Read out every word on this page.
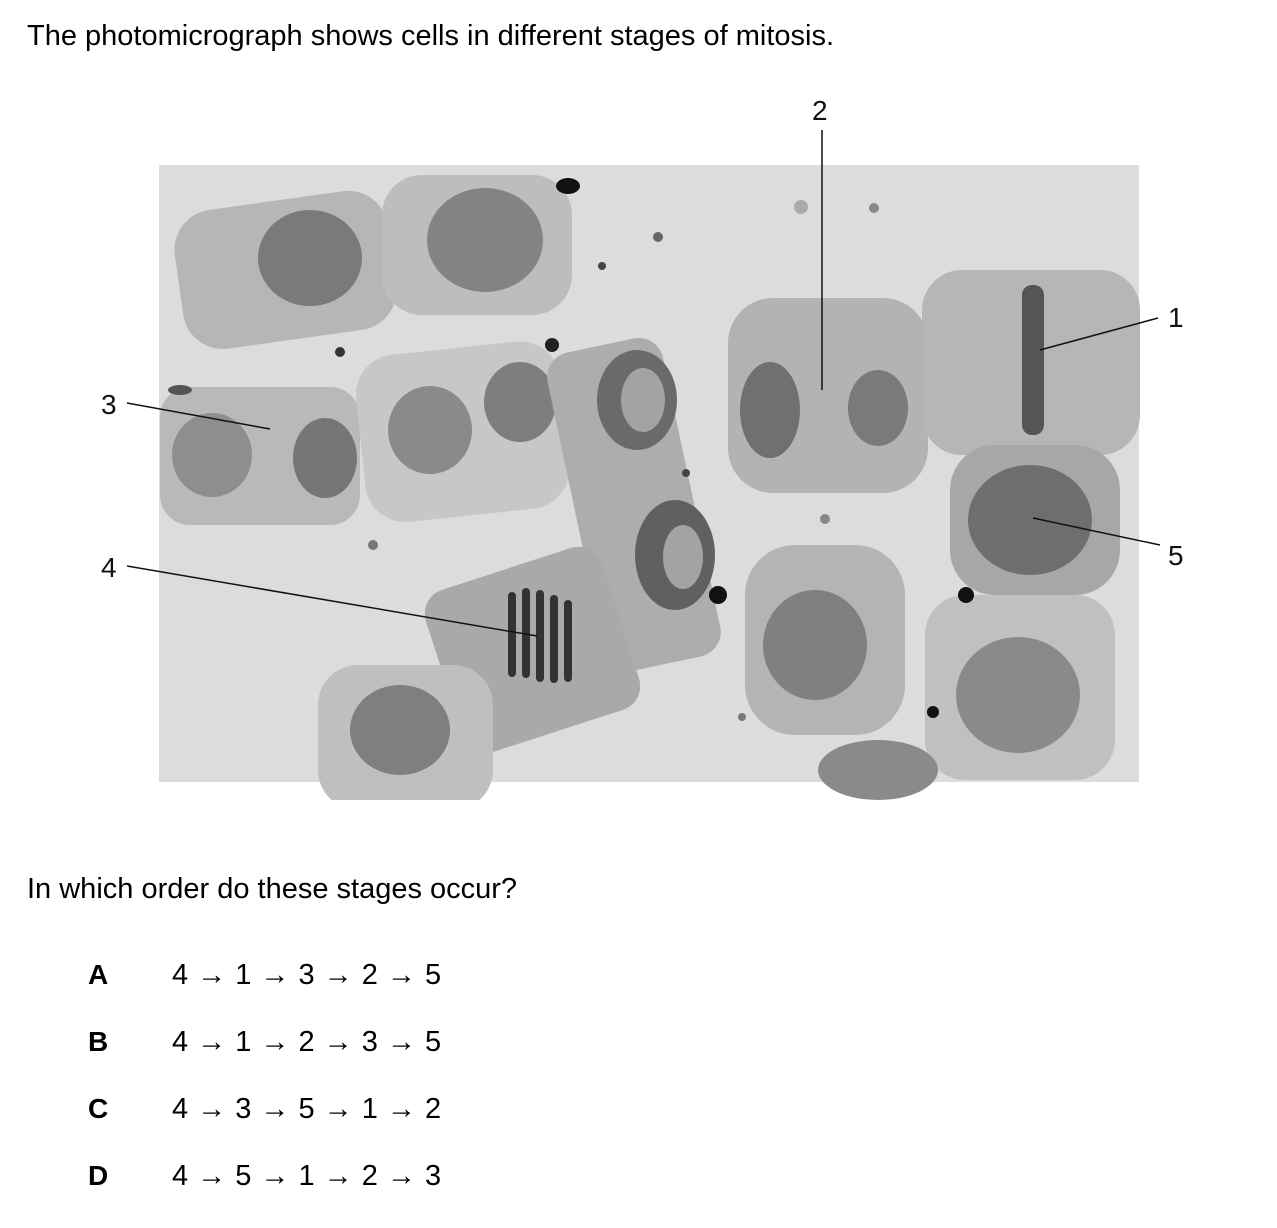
The photomicrograph shows cells in different stages of mitosis.

1
2
3
4	5

In which order do these stages occur?

A	4 → 1 → 3 → 2 → 5
B	4 → 1 → 2 → 3 → 5
C	4 → 3 → 5 → 1 → 2
D	4 → 5 → 1 → 2 → 3
